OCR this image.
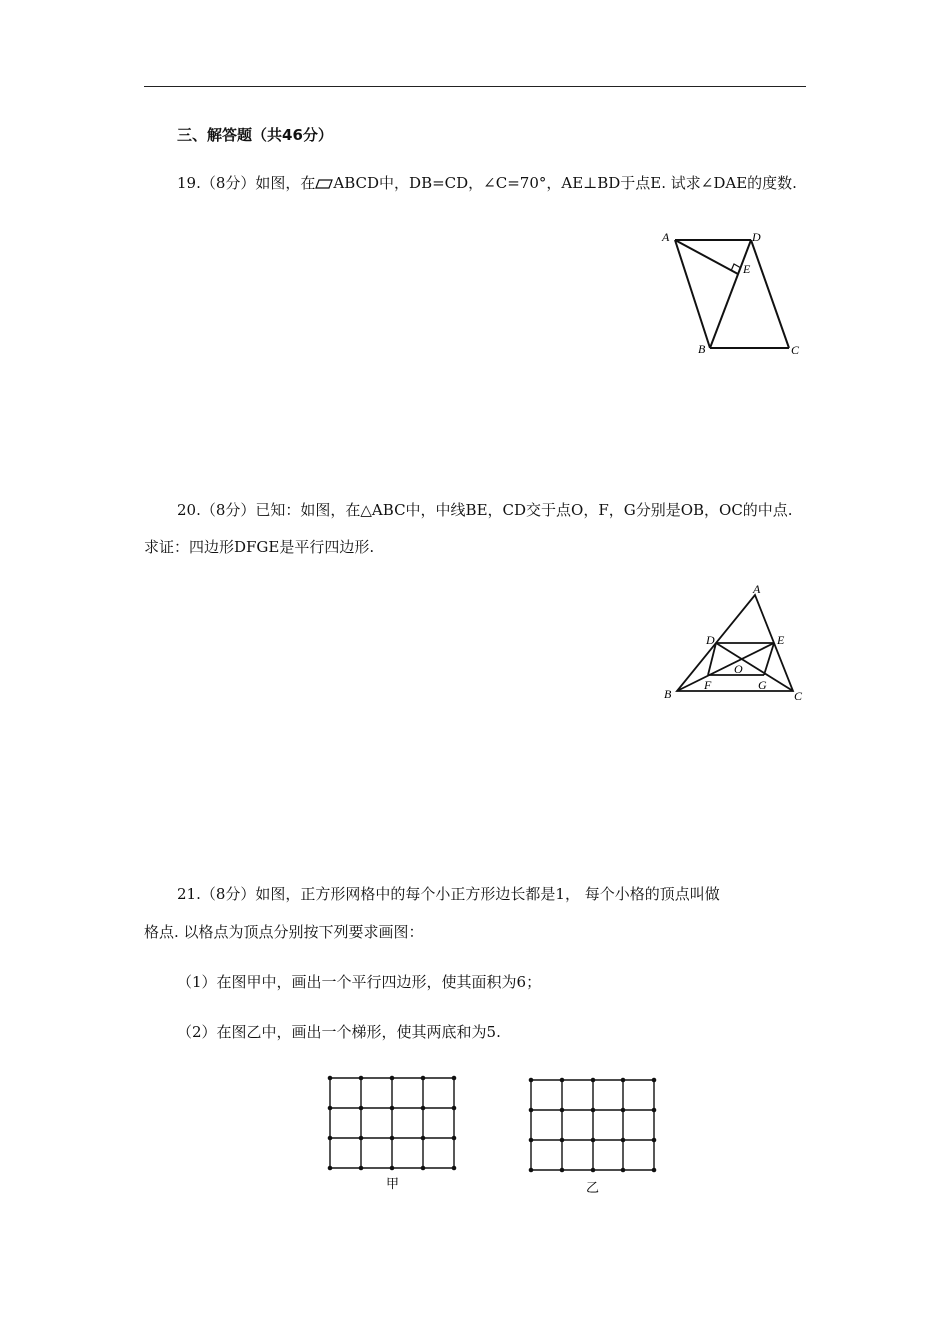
三、解答题（共46分）
19.（8分）如图，在 ABCD中，DB=CD，∠C=70°，AE⊥BD于点E. 试求∠DAE的度数.
A	D
E
B	C
20.（8分）已知：如图，在△ABC中，中线BE，CD交于点O，F，G分别是OB，OC的中点.
求证：四边形DFGE是平行四边形.
A
D	E
O
F	G
B	C
21.（8分）如图，正方形网格中的每个小正方形边长都是1， 每个小格的顶点叫做
格点. 以格点为顶点分别按下列要求画图：
（1）在图甲中，画出一个平行四边形，使其面积为6；
（2）在图乙中，画出一个梯形，使其两底和为5.
甲	乙
